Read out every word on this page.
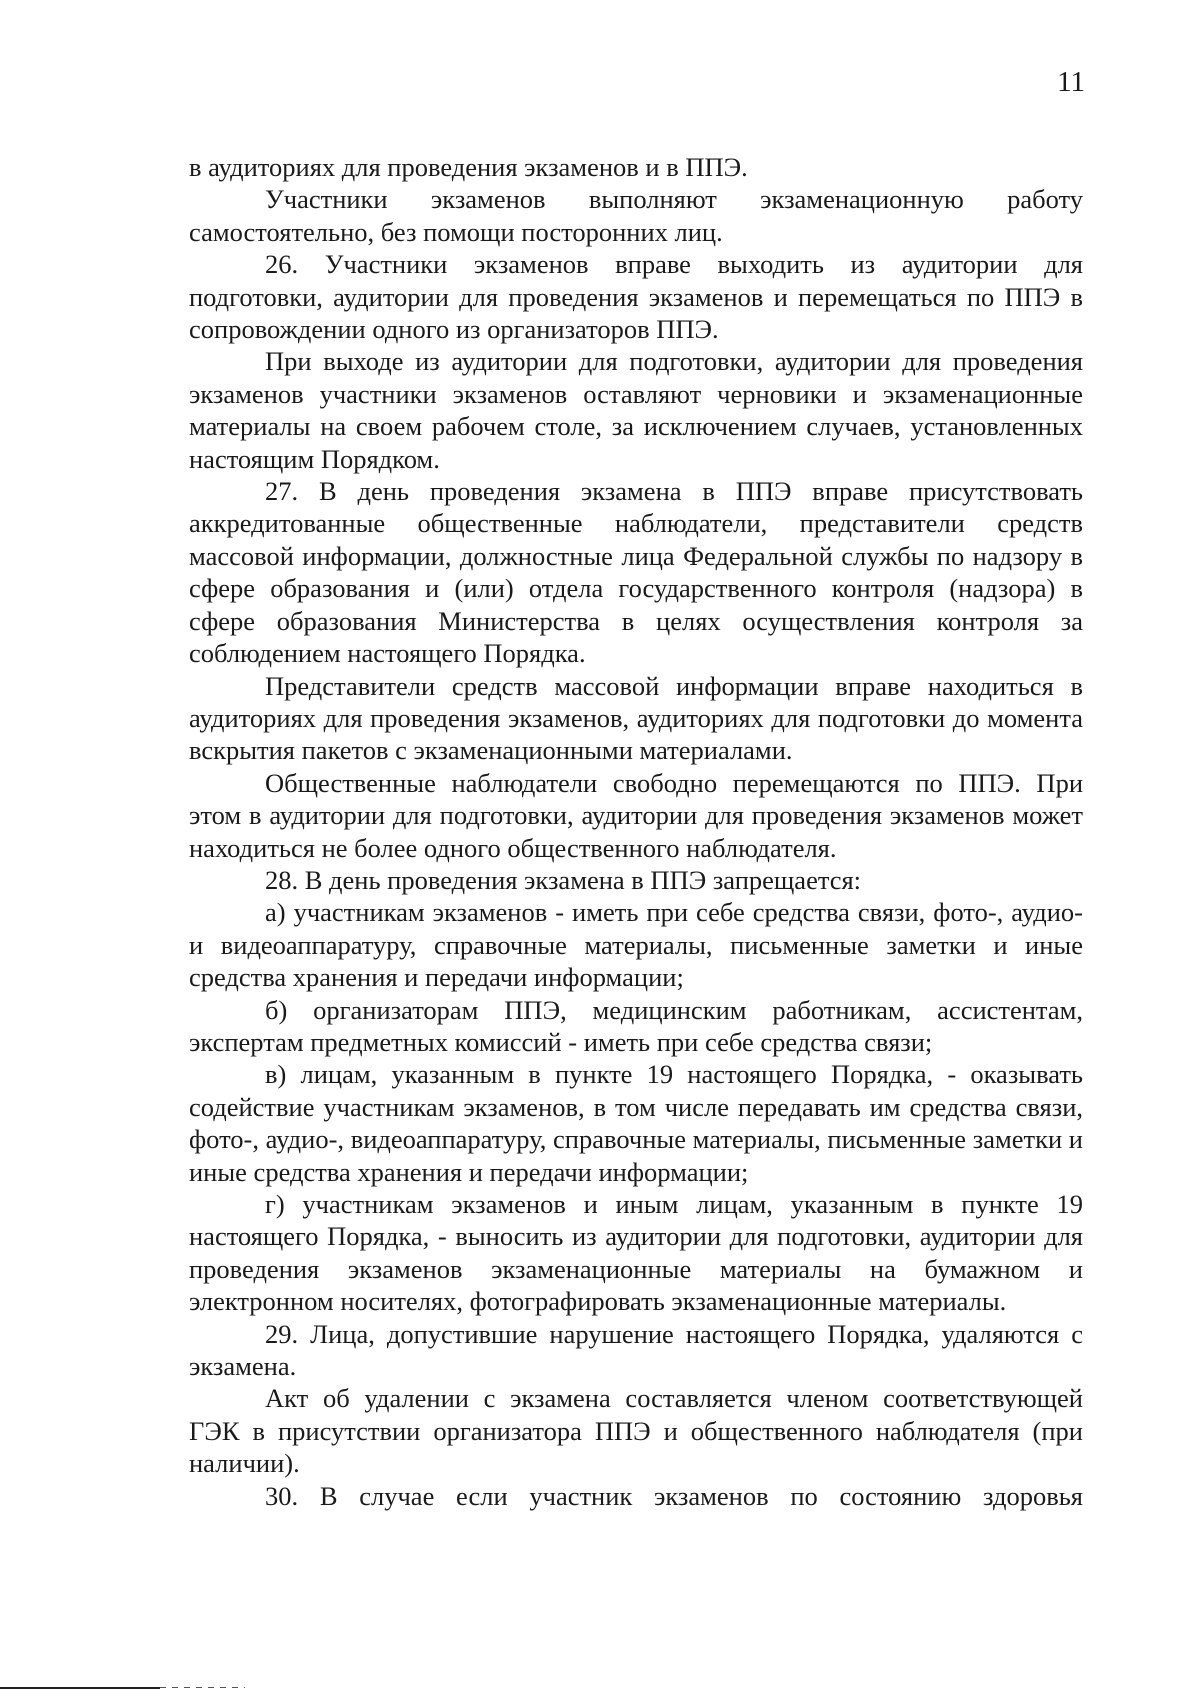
11

в аудиториях для проведения экзаменов и в ППЭ.

Участники экзаменов выполняют экзаменационную работу самостоятельно, без помощи посторонних лиц.

26. Участники экзаменов вправе выходить из аудитории для подготовки, аудитории для проведения экзаменов и перемещаться по ППЭ в сопровождении одного из организаторов ППЭ.

При выходе из аудитории для подготовки, аудитории для проведения экзаменов участники экзаменов оставляют черновики и экзаменационные материалы на своем рабочем столе, за исключением случаев, установленных настоящим Порядком.

27. В день проведения экзамена в ППЭ вправе присутствовать аккредитованные общественные наблюдатели, представители средств массовой информации, должностные лица Федеральной службы по надзору в сфере образования и (или) отдела государственного контроля (надзора) в сфере образования Министерства в целях осуществления контроля за соблюдением настоящего Порядка.

Представители средств массовой информации вправе находиться в аудиториях для проведения экзаменов, аудиториях для подготовки до момента вскрытия пакетов с экзаменационными материалами.

Общественные наблюдатели свободно перемещаются по ППЭ. При этом в аудитории для подготовки, аудитории для проведения экзаменов может находиться не более одного общественного наблюдателя.

28. В день проведения экзамена в ППЭ запрещается:

а) участникам экзаменов - иметь при себе средства связи, фото-, аудио- и видеоаппаратуру, справочные материалы, письменные заметки и иные средства хранения и передачи информации;

б) организаторам ППЭ, медицинским работникам, ассистентам, экспертам предметных комиссий - иметь при себе средства связи;

в) лицам, указанным в пункте 19 настоящего Порядка, - оказывать содействие участникам экзаменов, в том числе передавать им средства связи, фото-, аудио-, видеоаппаратуру, справочные материалы, письменные заметки и иные средства хранения и передачи информации;

г) участникам экзаменов и иным лицам, указанным в пункте 19 настоящего Порядка, - выносить из аудитории для подготовки, аудитории для проведения экзаменов экзаменационные материалы на бумажном и электронном носителях, фотографировать экзаменационные материалы.

29. Лица, допустившие нарушение настоящего Порядка, удаляются с экзамена.

Акт об удалении с экзамена составляется членом соответствующей ГЭК в присутствии организатора ППЭ и общественного наблюдателя (при наличии).

30. В случае если участник экзаменов по состоянию здоровья
